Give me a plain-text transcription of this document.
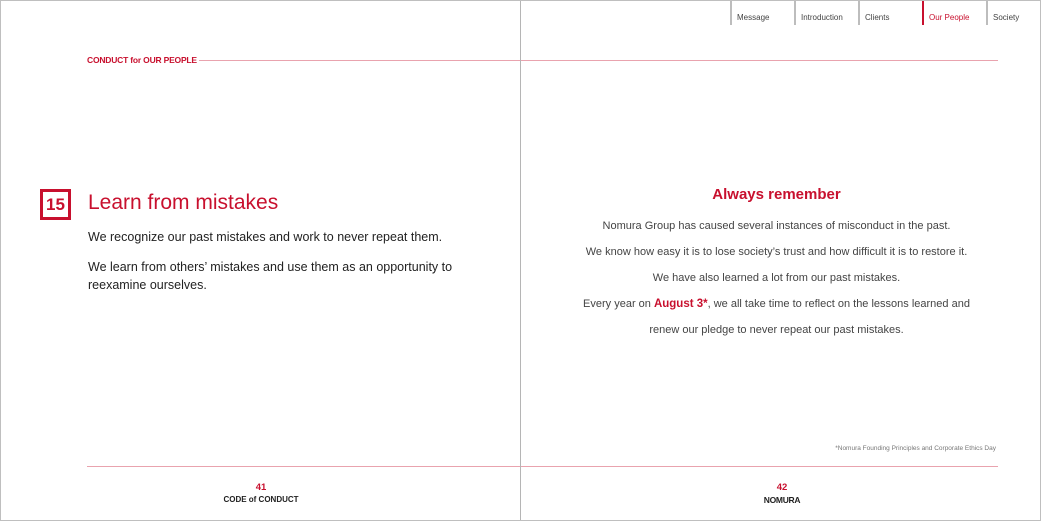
Message	Introduction	Clients	Our People	Society
CONDUCT for OUR PEOPLE
15 Learn from mistakes
We recognize our past mistakes and work to never repeat them.
We learn from others’ mistakes and use them as an opportunity to reexamine ourselves.
Always remember
Nomura Group has caused several instances of misconduct in the past.
We know how easy it is to lose society’s trust and how difficult it is to restore it.
We have also learned a lot from our past mistakes.
Every year on August 3*, we all take time to reflect on the lessons learned and
renew our pledge to never repeat our past mistakes.
*Nomura Founding Principles and Corporate Ethics Day
41
CODE of CONDUCT
42
NOMURA
